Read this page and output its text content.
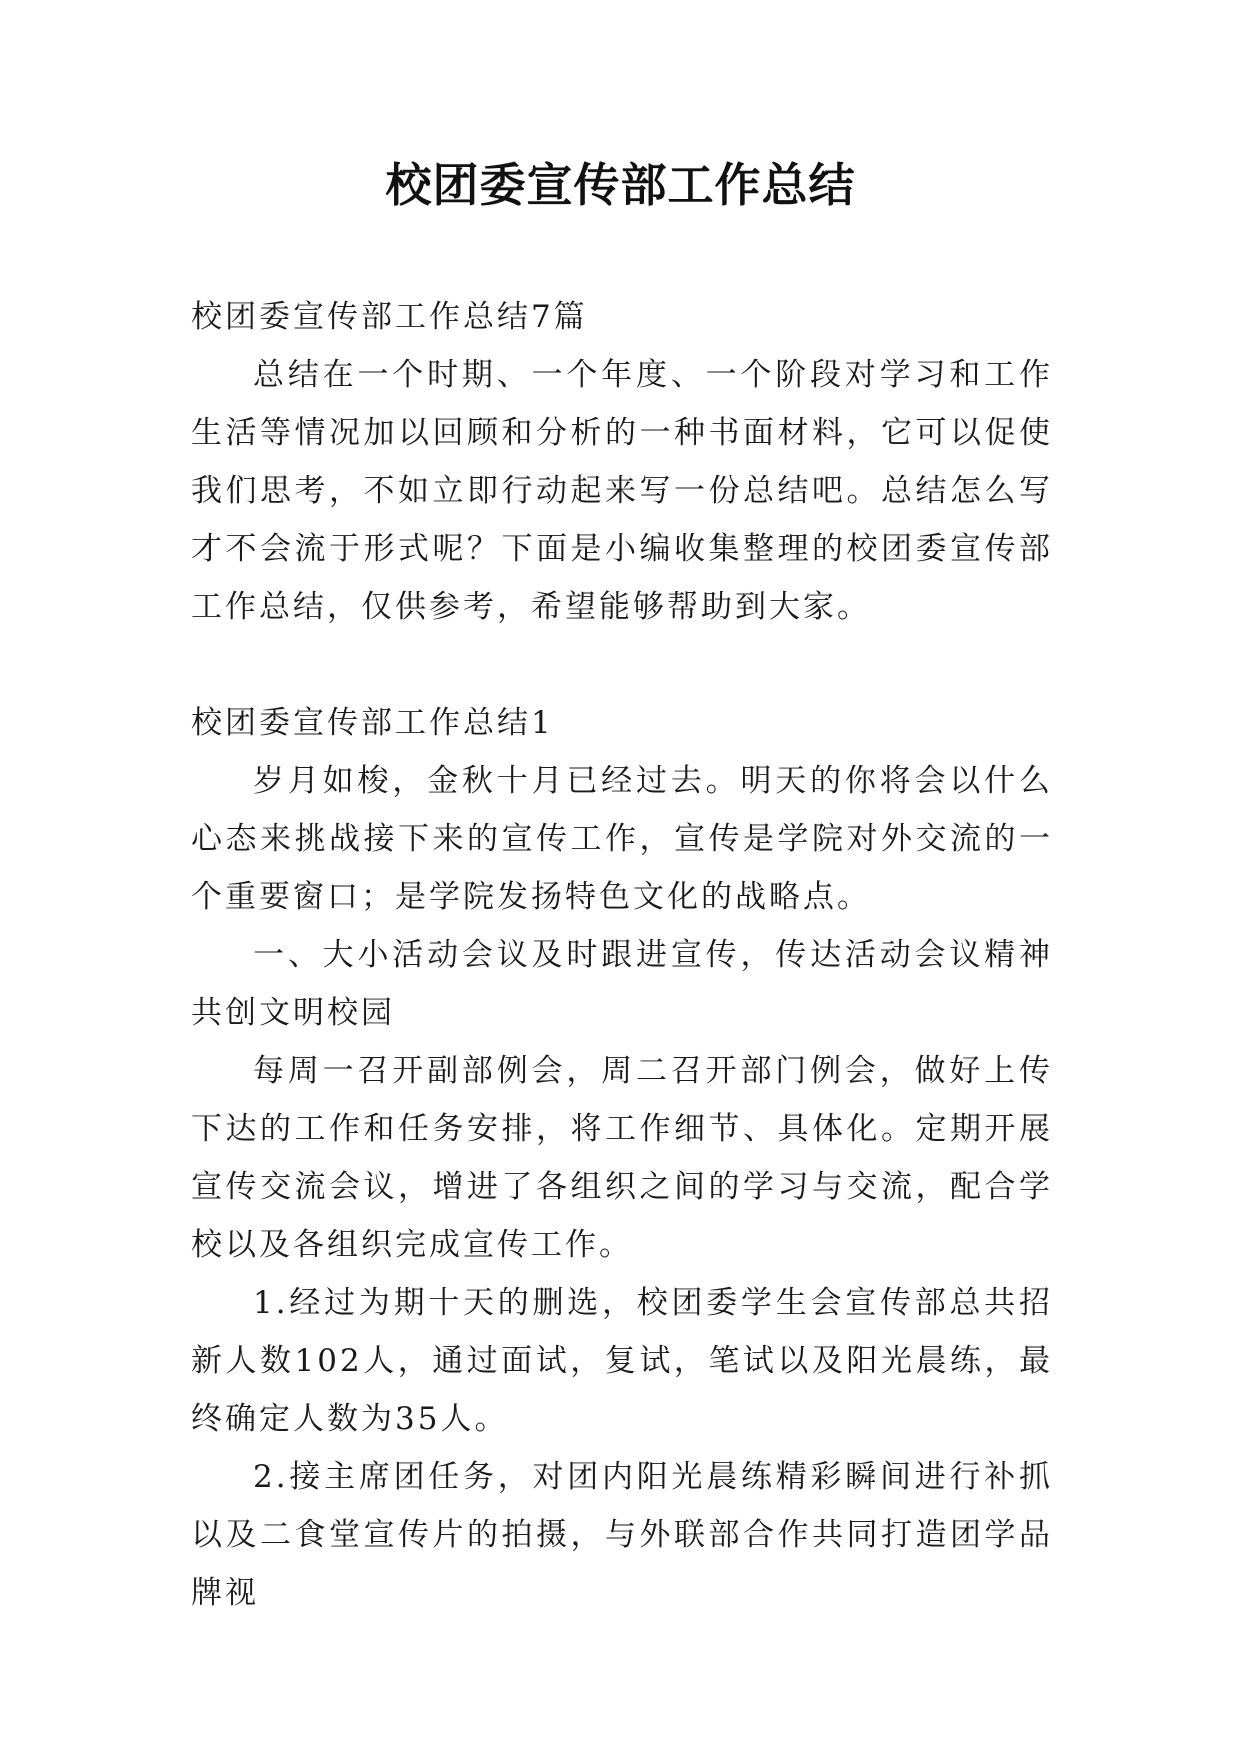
校团委宣传部工作总结

校团委宣传部工作总结7篇

总结在一个时期、一个年度、一个阶段对学习和工作生活等情况加以回顾和分析的一种书面材料，它可以促使我们思考，不如立即行动起来写一份总结吧。总结怎么写才不会流于形式呢？下面是小编收集整理的校团委宣传部工作总结，仅供参考，希望能够帮助到大家。

校团委宣传部工作总结1

岁月如梭，金秋十月已经过去。明天的你将会以什么心态来挑战接下来的宣传工作，宣传是学院对外交流的一个重要窗口；是学院发扬特色文化的战略点。

一、大小活动会议及时跟进宣传，传达活动会议精神共创文明校园

每周一召开副部例会，周二召开部门例会，做好上传下达的工作和任务安排，将工作细节、具体化。定期开展宣传交流会议，增进了各组织之间的学习与交流，配合学校以及各组织完成宣传工作。

1.经过为期十天的删选，校团委学生会宣传部总共招新人数102人，通过面试，复试，笔试以及阳光晨练，最终确定人数为35人。

2.接主席团任务，对团内阳光晨练精彩瞬间进行补抓以及二食堂宣传片的拍摄，与外联部合作共同打造团学品牌视
